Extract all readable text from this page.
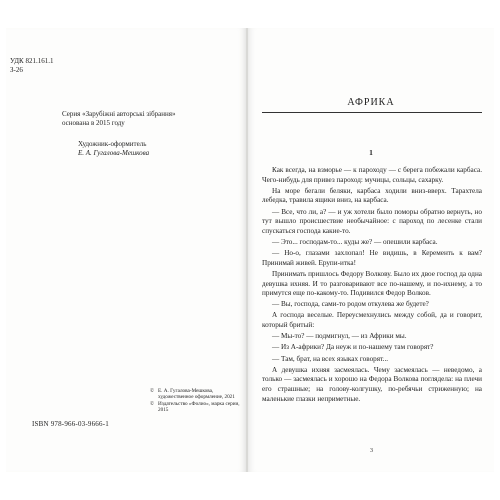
УДК 821.161.1
З-26
Серия «Зарубіжні авторські зібрання»
основана в 2015 году
Художник-оформитель
Е. А. Гугалова-Мешкова
© Е. А. Гугалова-Мешкова, художественное оформление, 2021
© Издательство «Фолио», марка серии, 2015
ISBN 978-966-03-9666-1
АФРИКА
1

Как всегда, на взморье — к пароходу — с берега побежали карбаса. Чего-нибудь для привез пароход: мучицы, сольцы, сахарку.

На море бегали беляки, карбаса ходили вниз-вверх. Тарахтела лебедка, травила ящики вниз, на карбаса.

— Все, что ли, а? — и уж хотели было поморы обратно вернуть, но тут вышло происшествие необычайное: с пароход по лесенке стали спускаться господа какие-то.

— Это... господам-то... куды же? — опешили карбаса.

— Но-о, глазами захлопал! Не видишь, в Керементь к вам? Принимай живей. Ерупи-итка!

Принимать пришлось Федору Волкову. Было их двое господ да одна девушка ихняя. И то разговаривают все по-нашему, и по-ихнему, а то примутся еще по-какому-то. Подивился Федор Волков.

— Вы, господа, сами-то родом откулева же будете?

А господа веселые. Переусмехнулись между собой, да и говорит, который бритый:

— Мы-то? — подмигнул, — из Африки мы.

— Из А-африки? Да неуж и по-нашему там говорят?

— Там, брат, на всех языках говорят...

А девушка ихняя засмеялась. Чему засмеялась — неведомо, а только — засмеялась и хорошо на Федора Волкова поглядела: на плечи его страшные; на голову-колгушку, по-ребячьи стриженную; на маленькие глазки неприметные.

3
